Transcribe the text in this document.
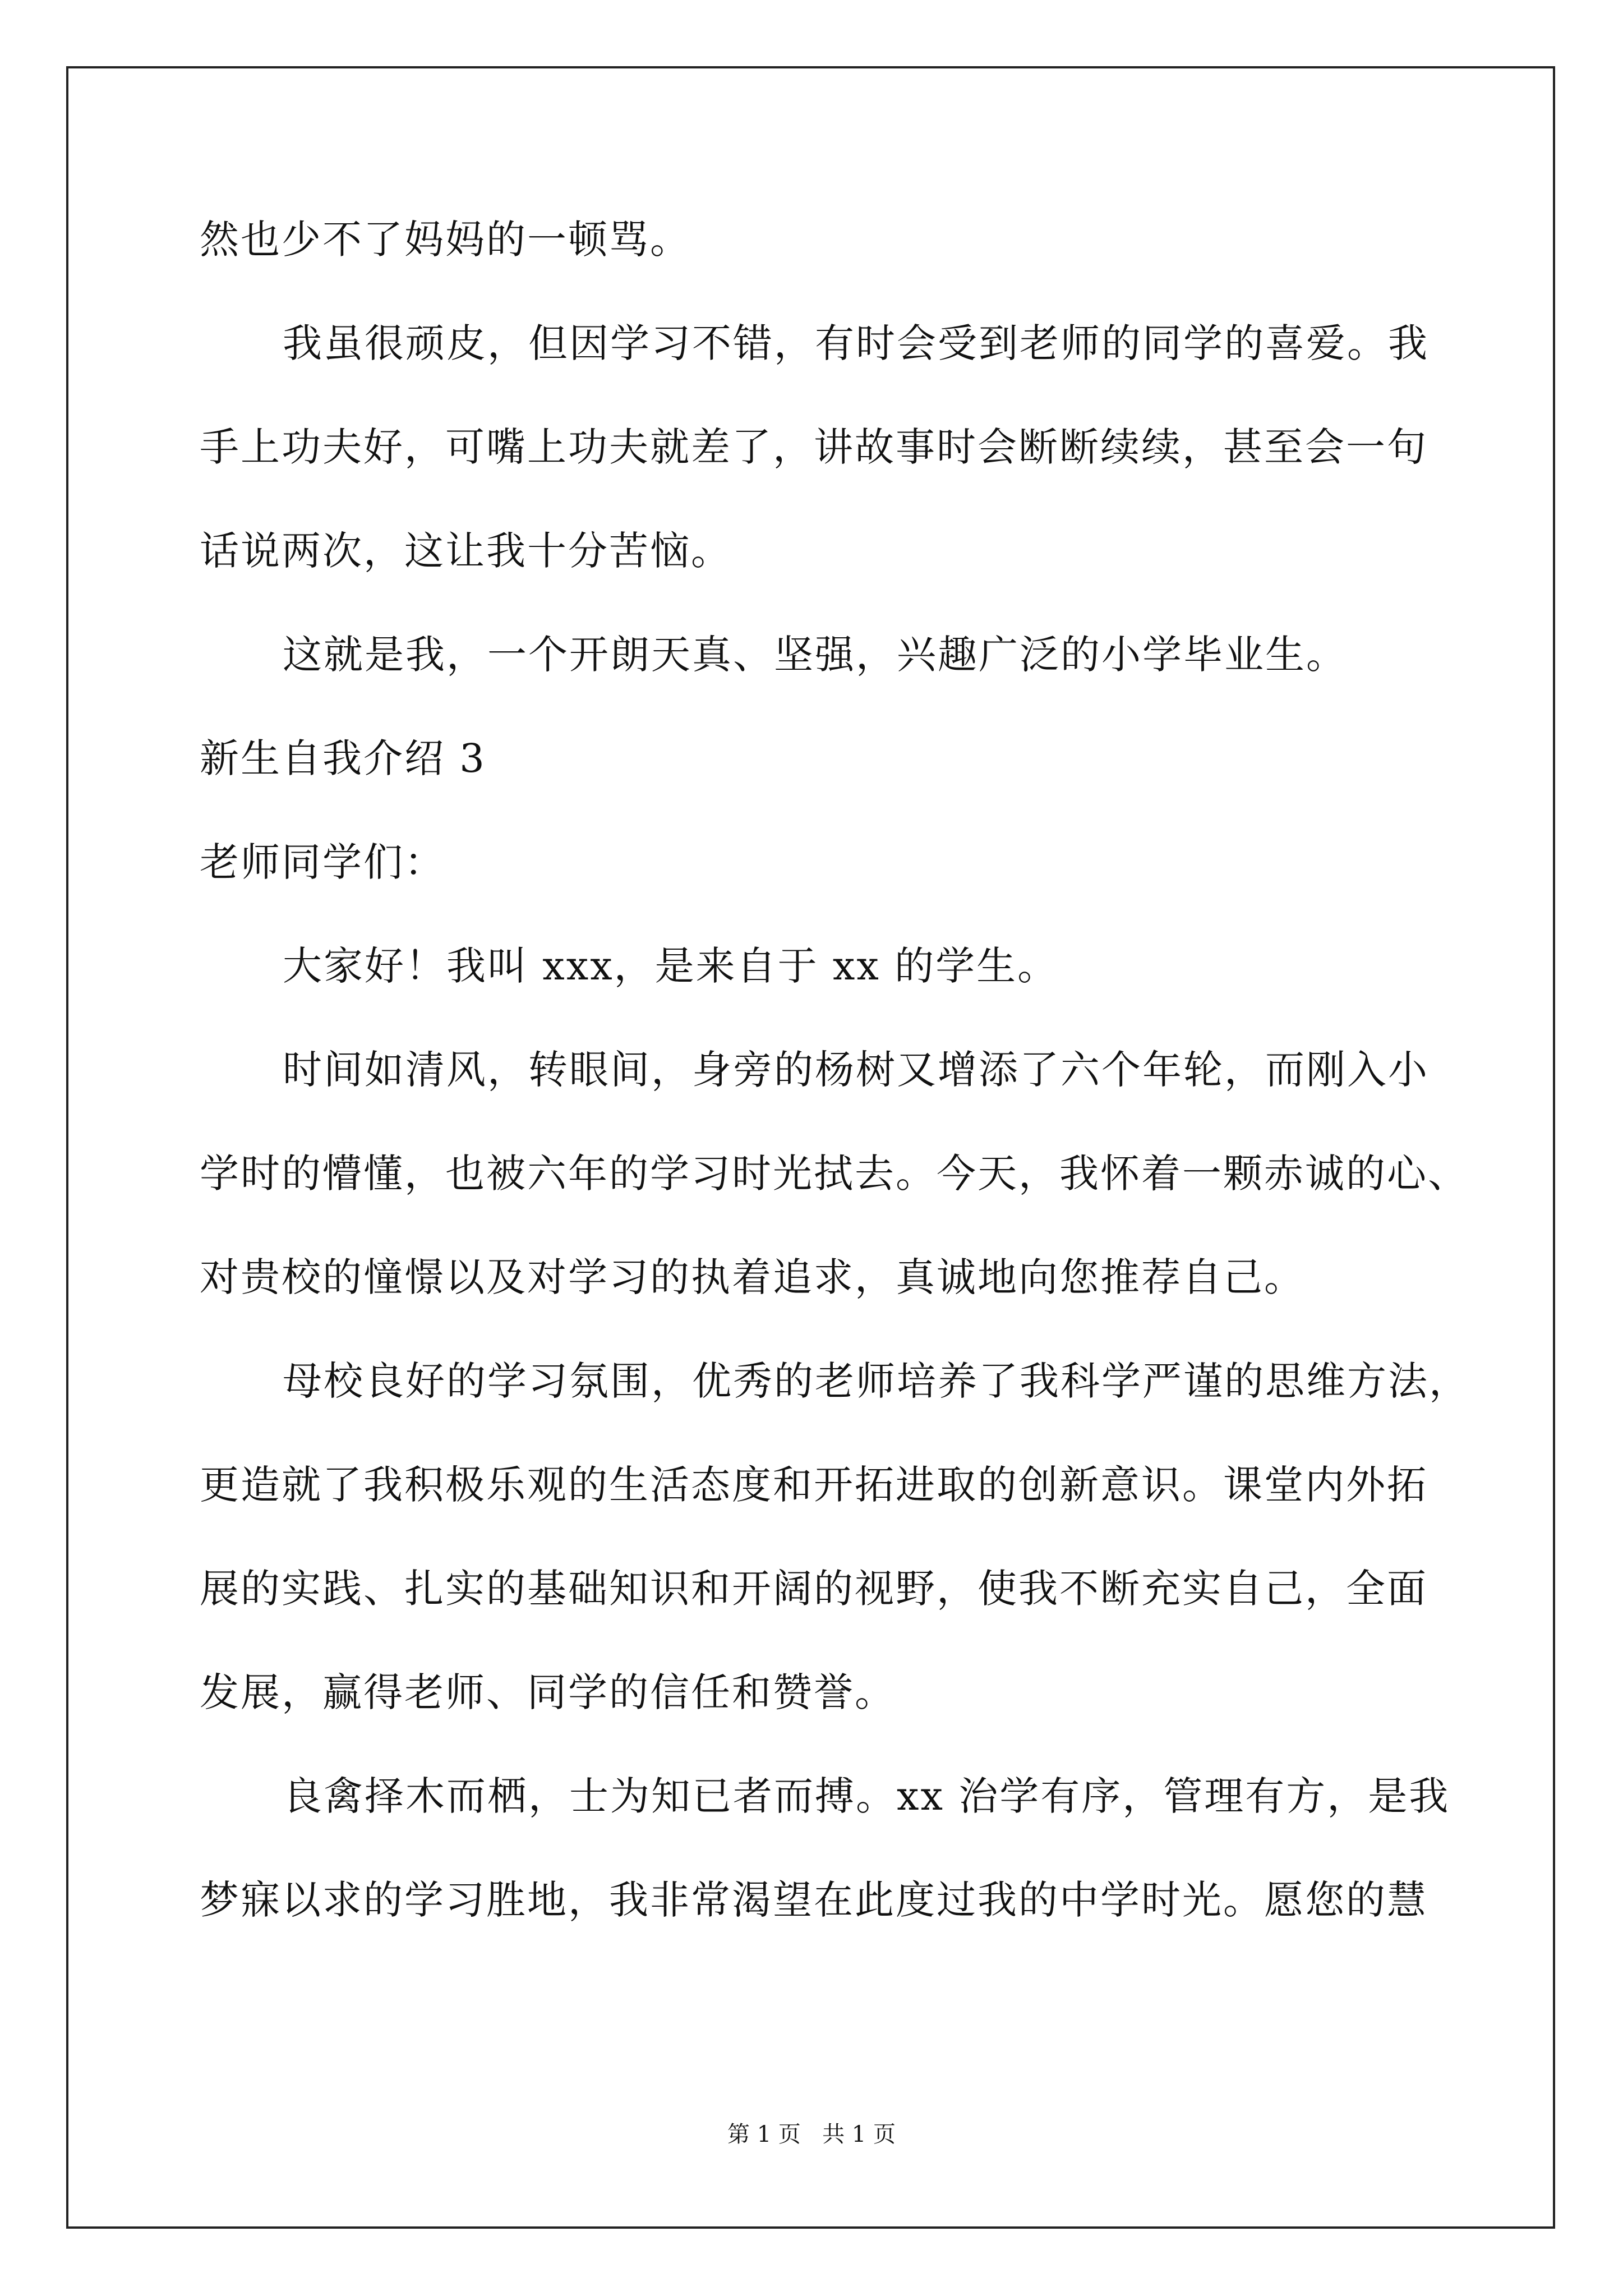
然也少不了妈妈的一顿骂。
我虽很顽皮，但因学习不错，有时会受到老师的同学的喜爱。我
手上功夫好，可嘴上功夫就差了，讲故事时会断断续续，甚至会一句
话说两次，这让我十分苦恼。
这就是我，一个开朗天真、坚强，兴趣广泛的小学毕业生。
新生自我介绍 3
老师同学们：
大家好！我叫 xxx，是来自于 xx 的学生。
时间如清风，转眼间，身旁的杨树又增添了六个年轮，而刚入小
学时的懵懂，也被六年的学习时光拭去。今天，我怀着一颗赤诚的心、
对贵校的憧憬以及对学习的执着追求，真诚地向您推荐自己。
母校良好的学习氛围，优秀的老师培养了我科学严谨的思维方法，
更造就了我积极乐观的生活态度和开拓进取的创新意识。课堂内外拓
展的实践、扎实的基础知识和开阔的视野，使我不断充实自己，全面
发展，赢得老师、同学的信任和赞誉。
良禽择木而栖，士为知已者而搏。xx 治学有序，管理有方，是我
梦寐以求的学习胜地，我非常渴望在此度过我的中学时光。愿您的慧
第 1 页   共 1 页
